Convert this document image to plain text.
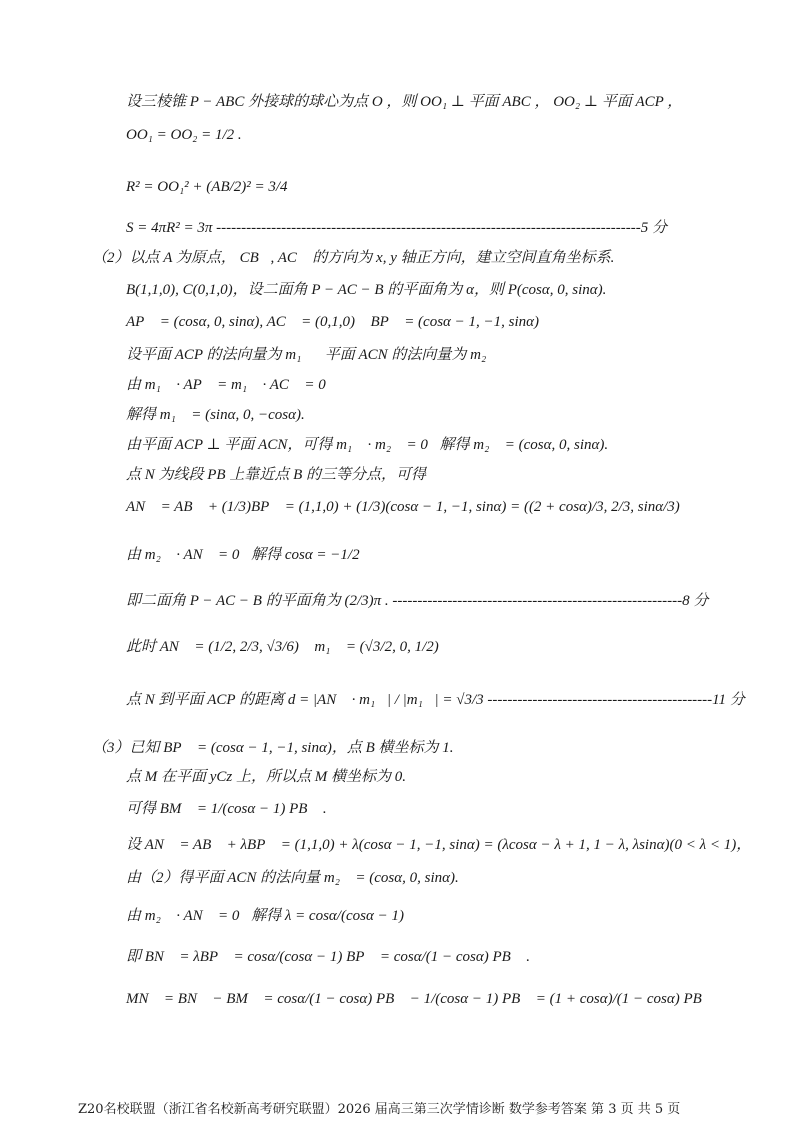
设三棱锥 P − ABC 外接球的球心为点 O ，则 OO₁ ⊥ 平面 ABC ， OO₂ ⊥ 平面 ACP ，
OO₁ = OO₂ = 1/2 .
R² = OO₁² + (AB/2)² = 3/4
S = 4πR² = 3π -------------------------------------------------------------------------------------5 分
（2）以点 A 为原点， CB⃗, AC⃗ 的方向为 x, y 轴正方向，建立空间直角坐标系.
B(1,1,0), C(0,1,0)，设二面角 P − AC − B 的平面角为 α，则 P(cosα, 0, sinα).
AP⃗ = (cosα, 0, sinα), AC⃗ = (0,1,0)， BP⃗ = (cosα − 1, −1, sinα)
设平面 ACP 的法向量为 m₁⃗，平面 ACN 的法向量为 m₂⃗，
由 m₁⃗ · AP⃗ = m₁⃗ · AC⃗ = 0，
解得 m₁⃗ = (sinα, 0, −cosα).
由平面 ACP ⊥ 平面 ACN，可得 m₁⃗ · m₂⃗ = 0，解得 m₂⃗ = (cosα, 0, sinα).
点 N 为线段 PB 上靠近点 B 的三等分点，可得
AN⃗ = AB⃗ + (1/3)BP⃗ = (1,1,0) + (1/3)(cosα − 1, −1, sinα) = ((2 + cosα)/3, 2/3, sinα/3)
由 m₂⃗ · AN⃗ = 0，解得 cosα = −1/2
即二面角 P − AC − B 的平面角为 (2/3)π . ----------------------------------------------------------8 分
此时 AN⃗ = (1/2, 2/3, √3/6)， m₁⃗ = (√3/2, 0, 1/2)
点 N 到平面 ACP 的距离 d = |AN⃗ · m₁⃗| / |m₁⃗| = √3/3 ---------------------------------------------11 分
（3）已知 BP⃗ = (cosα − 1, −1, sinα)，点 B 横坐标为 1.
点 M 在平面 yCz 上，所以点 M 横坐标为 0.
可得 BM⃗ = 1/(cosα − 1) PB⃗ .
设 AN⃗ = AB⃗ + λBP⃗ = (1,1,0) + λ(cosα − 1, −1, sinα) = (λcosα − λ + 1, 1 − λ, λsinα)(0 < λ < 1)，
由（2）得平面 ACN 的法向量 m₂⃗ = (cosα, 0, sinα).
由 m₂⃗ · AN⃗ = 0，解得 λ = cosα/(cosα − 1)
即 BN⃗ = λBP⃗ = cosα/(cosα − 1) BP⃗ = cosα/(1 − cosα) PB⃗ .
MN⃗ = BN⃗ − BM⃗ = cosα/(1 − cosα) PB⃗ − 1/(cosα − 1) PB⃗ = (1 + cosα)/(1 − cosα) PB⃗
Z20名校联盟（浙江省名校新高考研究联盟）2026 届高三第三次学情诊断 数学参考答案 第 3 页 共 5 页
